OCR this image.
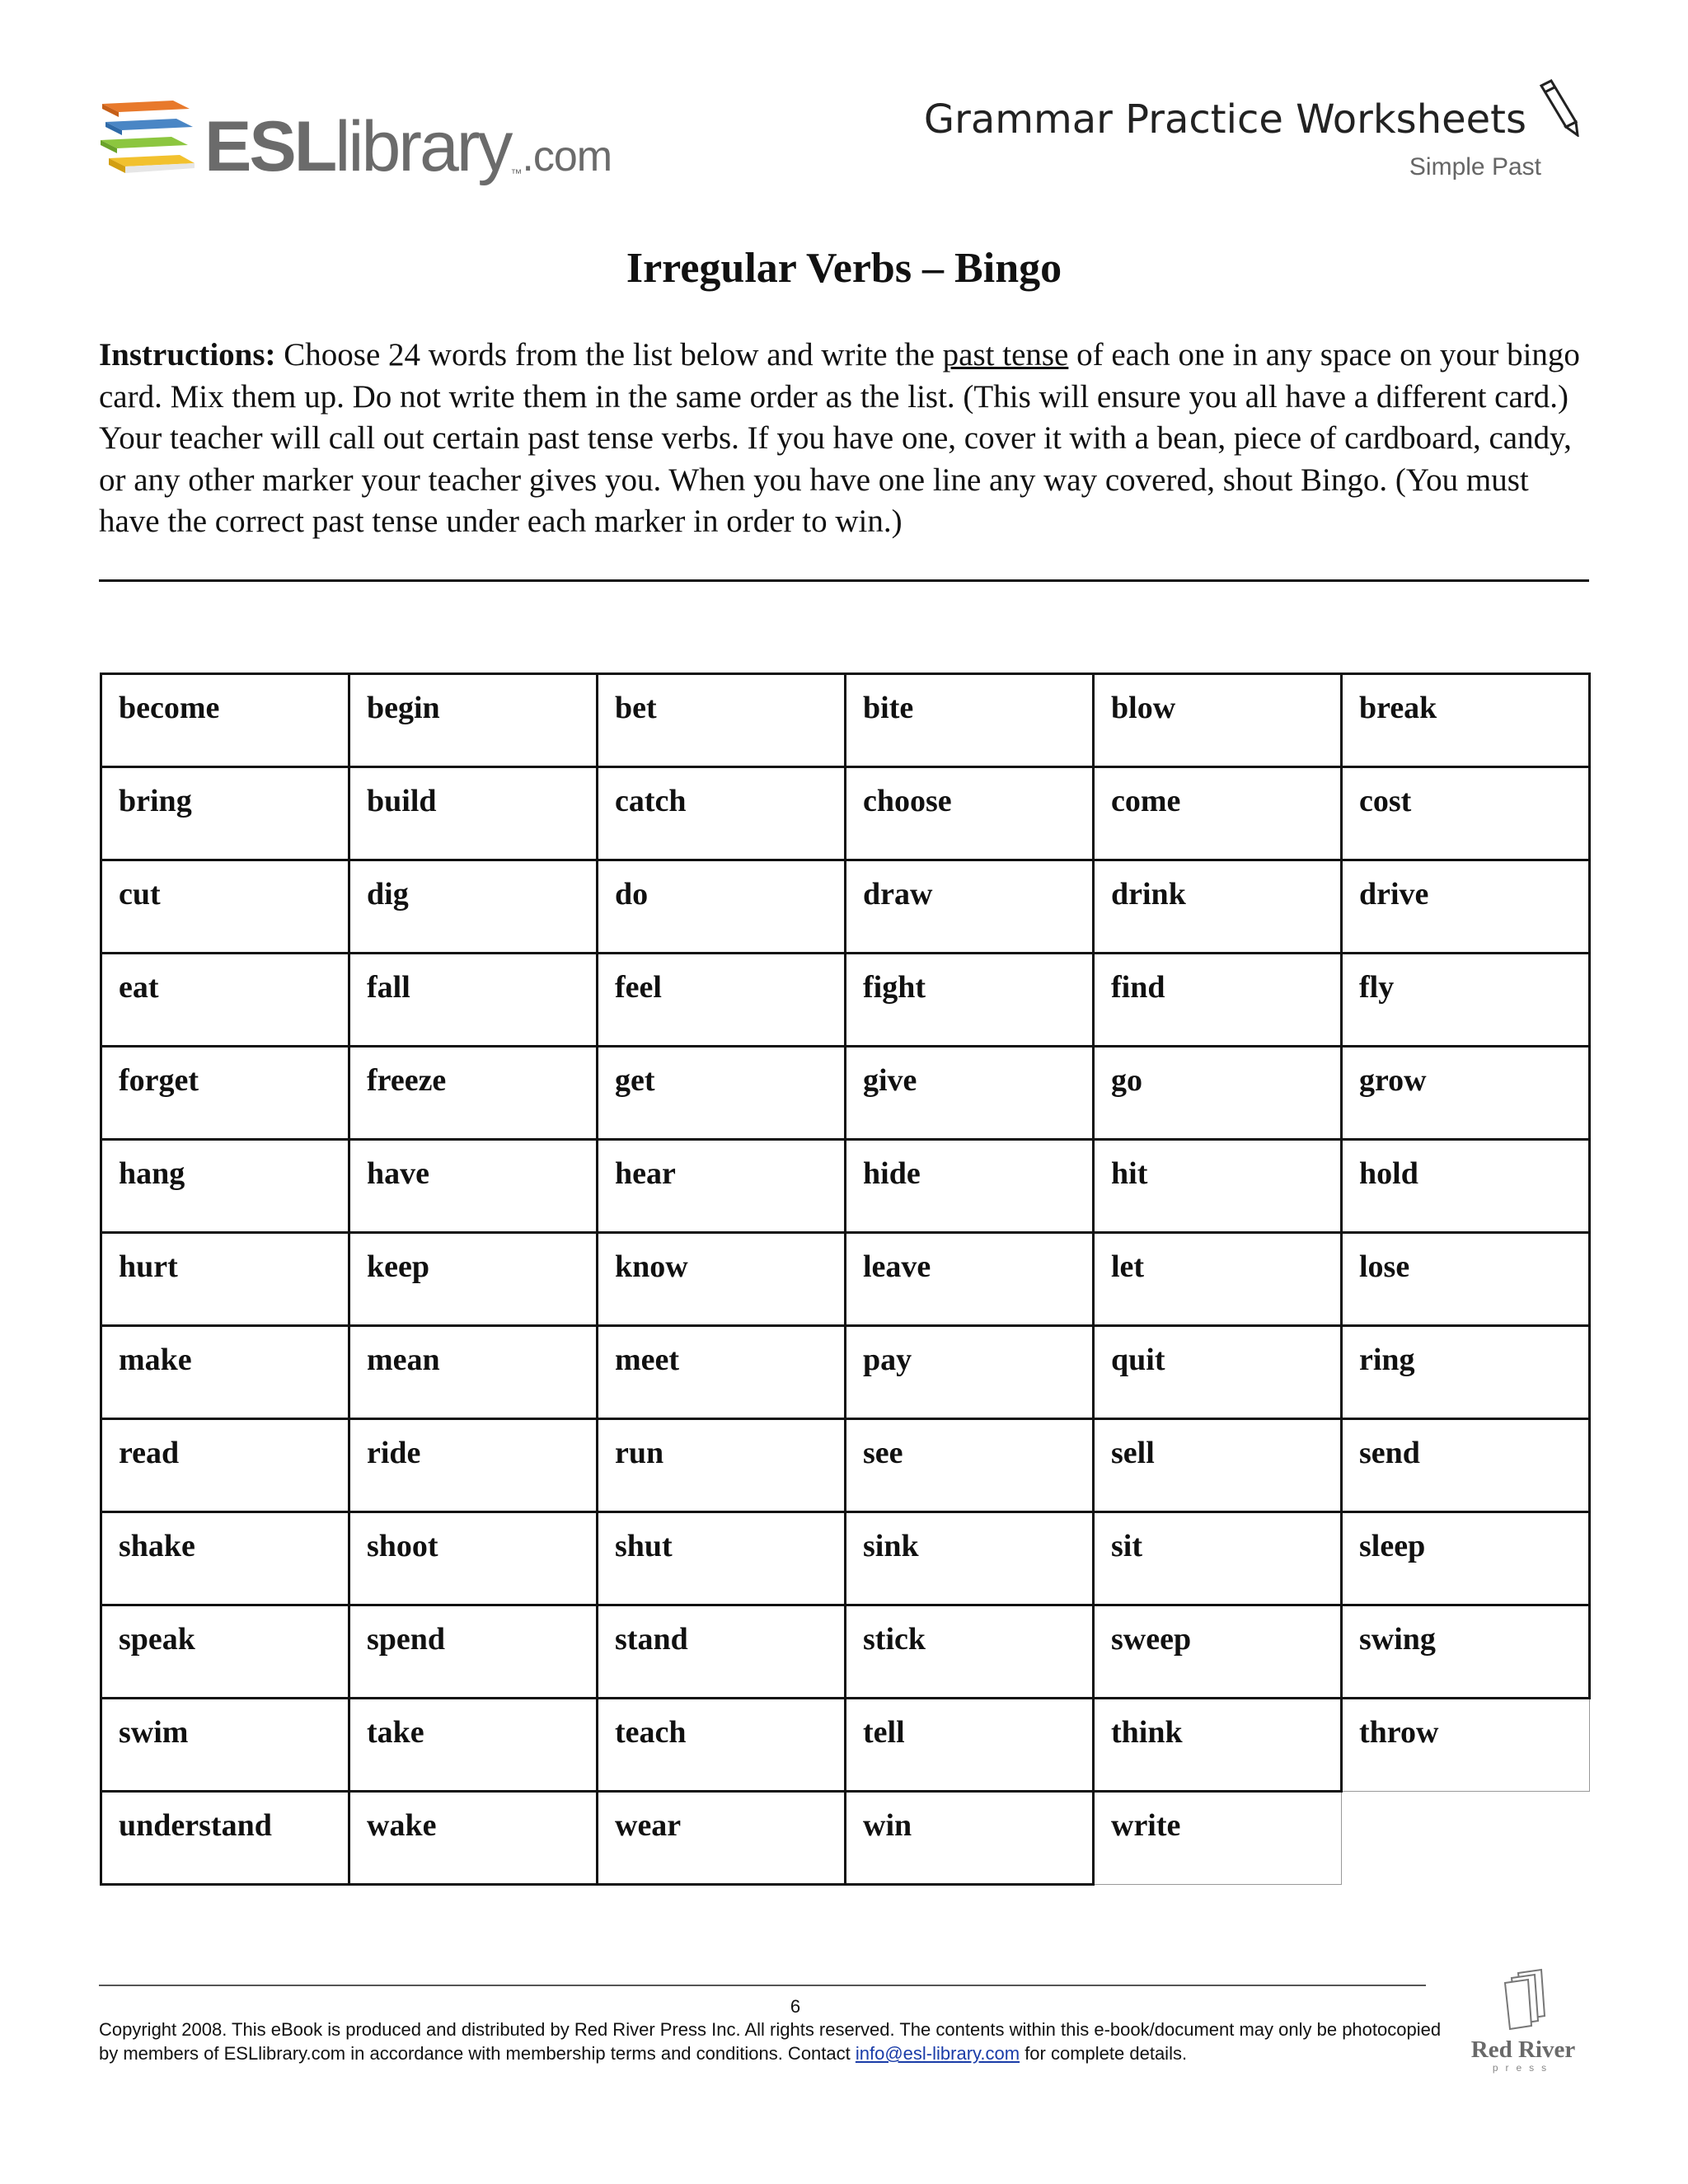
ESLlibrary™.com
Grammar Practice Worksheets
Simple Past
Irregular Verbs – Bingo
Instructions: Choose 24 words from the list below and write the past tense of each one in any space on your bingo card. Mix them up. Do not write them in the same order as the list. (This will ensure you all have a different card.) Your teacher will call out certain past tense verbs. If you have one, cover it with a bean, piece of cardboard, candy, or any other marker your teacher gives you. When you have one line any way covered, shout Bingo. (You must have the correct past tense under each marker in order to win.)
become	begin	bet	bite	blow	break

bring	build	catch	choose	come	cost

cut	dig	do	draw	drink	drive

eat	fall	feel	fight	find	fly

forget	freeze	get	give	go	grow

hang	have	hear	hide	hit	hold

hurt	keep	know	leave	let	lose

make	mean	meet	pay	quit	ring

read	ride	run	see	sell	send

shake	shoot	shut	sink	sit	sleep

speak	spend	stand	stick	sweep	swing

swim	take	teach	tell	think	throw

understand	wake	wear	win	write	

6
Copyright 2008. This eBook is produced and distributed by Red River Press Inc. All rights reserved. The contents within this e-book/document may only be photocopied by members of ESLlibrary.com in accordance with membership terms and conditions. Contact info@esl-library.com for complete details.	Red River
press
